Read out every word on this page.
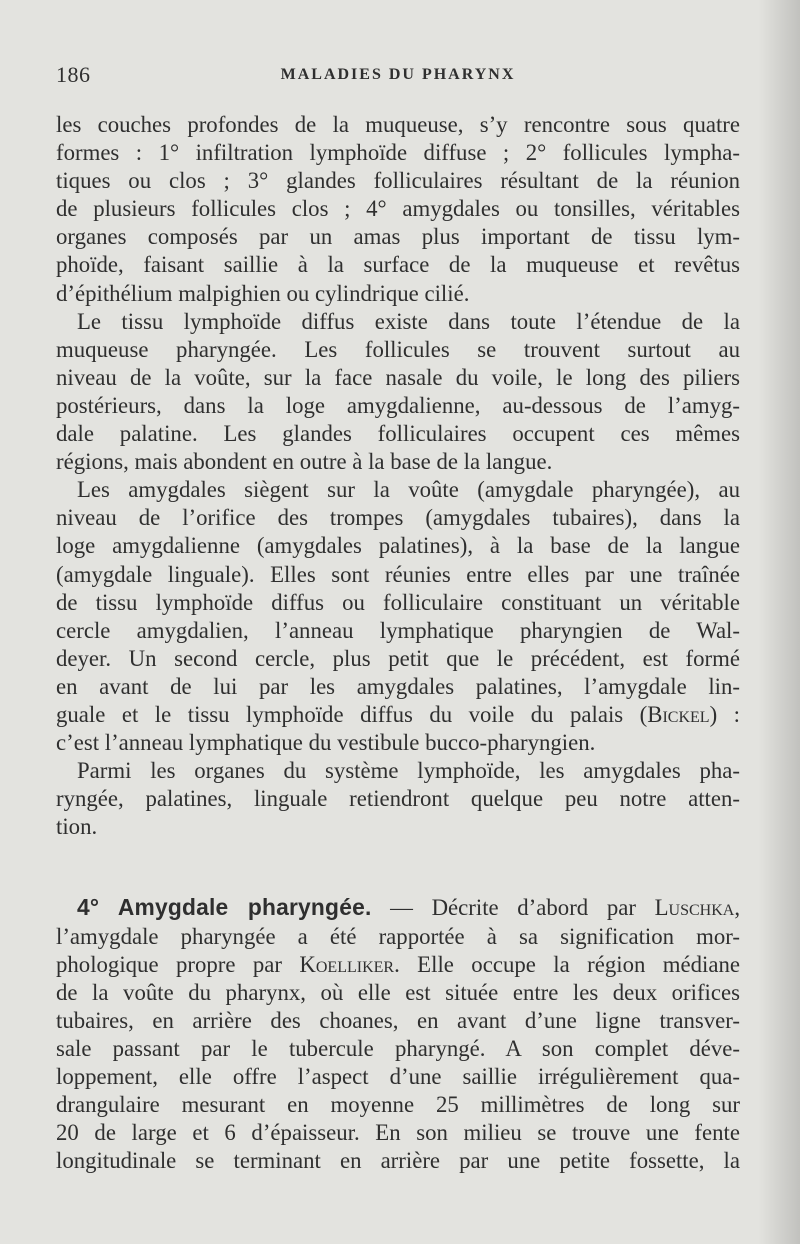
186	MALADIES DU PHARYNX
les couches profondes de la muqueuse, s’y rencontre sous quatre
formes : 1° infiltration lymphoïde diffuse ; 2° follicules lympha-
tiques ou clos ; 3° glandes folliculaires résultant de la réunion
de plusieurs follicules clos ; 4° amygdales ou tonsilles, véritables
organes composés par un amas plus important de tissu lym-
phoïde, faisant saillie à la surface de la muqueuse et revêtus
d’épithélium malpighien ou cylindrique cilié.
Le tissu lymphoïde diffus existe dans toute l’étendue de la
muqueuse pharyngée. Les follicules se trouvent surtout au
niveau de la voûte, sur la face nasale du voile, le long des piliers
postérieurs, dans la loge amygdalienne, au-dessous de l’amyg-
dale palatine. Les glandes folliculaires occupent ces mêmes
régions, mais abondent en outre à la base de la langue.
Les amygdales siègent sur la voûte (amygdale pharyngée), au
niveau de l’orifice des trompes (amygdales tubaires), dans la
loge amygdalienne (amygdales palatines), à la base de la langue
(amygdale linguale). Elles sont réunies entre elles par une traînée
de tissu lymphoïde diffus ou folliculaire constituant un véritable
cercle amygdalien, l’anneau lymphatique pharyngien de Wal-
deyer. Un second cercle, plus petit que le précédent, est formé
en avant de lui par les amygdales palatines, l’amygdale lin-
guale et le tissu lymphoïde diffus du voile du palais (Bickel) :
c’est l’anneau lymphatique du vestibule bucco-pharyngien.
Parmi les organes du système lymphoïde, les amygdales pha-
ryngée, palatines, linguale retiendront quelque peu notre atten-
tion.
4° Amygdale pharyngée. — Décrite d’abord par Luschka,
l’amygdale pharyngée a été rapportée à sa signification mor-
phologique propre par Koelliker. Elle occupe la région médiane
de la voûte du pharynx, où elle est située entre les deux orifices
tubaires, en arrière des choanes, en avant d’une ligne transver-
sale passant par le tubercule pharyngé. A son complet déve-
loppement, elle offre l’aspect d’une saillie irrégulièrement qua-
drangulaire mesurant en moyenne 25 millimètres de long sur
20 de large et 6 d’épaisseur. En son milieu se trouve une fente
longitudinale se terminant en arrière par une petite fossette, la
